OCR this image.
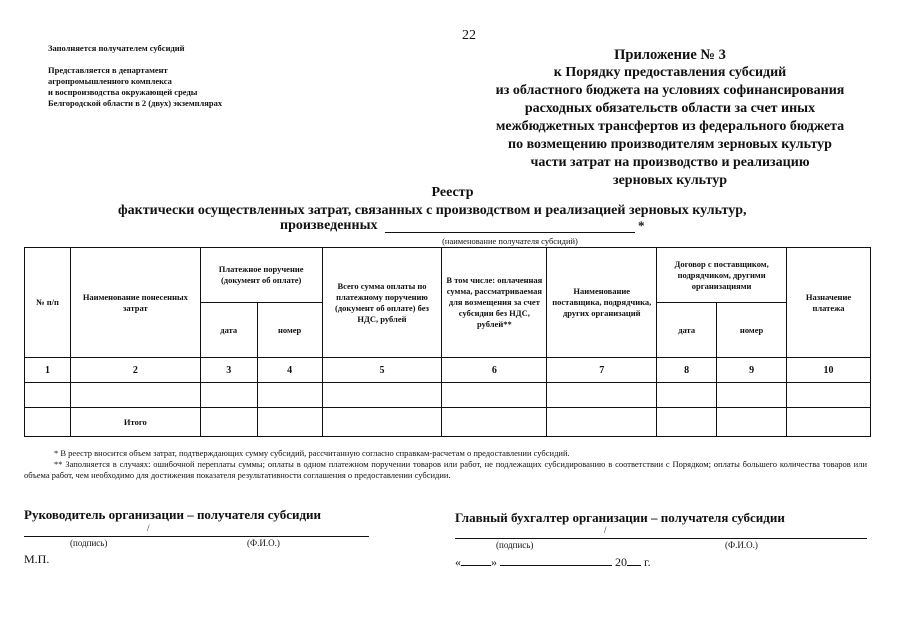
22
Заполняется получателем субсидий
Представляется в департамент
агропромышленного комплекса
и воспроизводства окружающей среды
Белгородской области в 2 (двух) экземплярах
Приложение № 3
к Порядку предоставления субсидий
из областного бюджета на условиях софинансирования
расходных обязательств области за счет иных
межбюджетных трансфертов из федерального бюджета
по возмещению производителям зерновых культур
части затрат на производство и реализацию
зерновых культур
Реестр
фактически осуществленных затрат, связанных с производством и реализацией зерновых культур,
произведенных	*
(наименование получателя субсидий)
№ п/п	Наименование понесенных затрат	Платежное поручение (документ об оплате)		Всего сумма оплаты по платежному поручению (документ об оплате) без НДС, рублей	В том числе: оплаченная сумма, рассматриваемая для возмещения за счет субсидии без НДС, рублей**	Наименование поставщика, подрядчика, других организаций	Договор с поставщиком, подрядчиком, другими организациями		Назначение платежа
		дата	номер				дата	номер	
1	2	3	4	5	6	7	8	9	10

	Итого								
* В реестр вносится объем затрат, подтверждающих сумму субсидий, рассчитанную согласно справкам-расчетам о предоставлении субсидий.
** Заполняется в случаях: ошибочной переплаты суммы; оплаты в одном платежном поручении товаров или работ, не подлежащих субсидированию в соответствии с Порядком; оплаты большего количества товаров или объема работ, чем необходимо для достижения показателя результативности соглашения о предоставлении субсидии.
Руководитель организации – получателя субсидии
/
(подпись)	(Ф.И.О.)
М.П.
Главный бухгалтер организации – получателя субсидии
/
(подпись)	(Ф.И.О.)
«	»	20 г.
